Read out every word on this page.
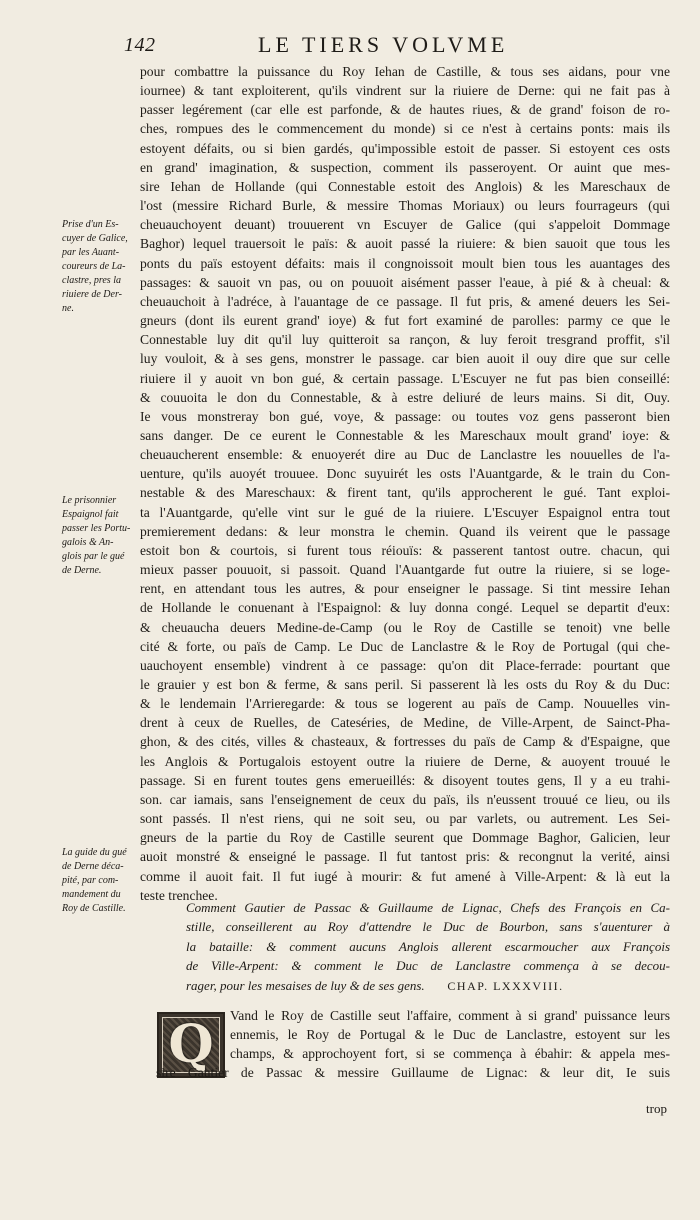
142	LE TIERS VOLVME
Prise d'un Es-
cuyer de Galice,
par les Auant-
coureurs de La-
clastre, pres la
riuiere de Der-
ne.
Le prisonnier
Espaignol fait
passer les Portu-
galois & An-
glois par le gué
de Derne.
La guide du gué
de Derne déca-
pité, par com-
mandement du
Roy de Castille.
pour combattre la puissance du Roy Iehan de Castille, & tous ses aidans, pour vne
iournee) & tant exploiterent, qu'ils vindrent sur la riuiere de Derne: qui ne fait pas à
passer legérement (car elle est parfonde, & de hautes riues, & de grand' foison de ro-
ches, rompues des le commencement du monde) si ce n'est à certains ponts: mais ils
estoyent défaits, ou si bien gardés, qu'impossible estoit de passer. Si estoyent ces osts
en grand' imagination, & suspection, comment ils passeroyent. Or auint que mes-
sire Iehan de Hollande (qui Connestable estoit des Anglois) & les Mareschaux de
l'ost (messire Richard Burle, & messire Thomas Moriaux) ou leurs fourrageurs (qui
cheuauchoyent deuant) trouuerent vn Escuyer de Galice (qui s'appeloit Dommage
Baghor) lequel trauersoit le païs: & auoit passé la riuiere: & bien sauoit que tous les
ponts du païs estoyent défaits: mais il congnoissoit moult bien tous les auantages des
passages: & sauoit vn pas, ou on pouuoit aisément passer l'eaue, à pié & à cheual: &
cheuauchoit à l'adréce, à l'auantage de ce passage. Il fut pris, & amené deuers les Sei-
gneurs (dont ils eurent grand' ioye) & fut fort examiné de parolles: parmy ce que le
Connestable luy dit qu'il luy quitteroit sa rançon, & luy feroit tresgrand proffit, s'il
luy vouloit, & à ses gens, monstrer le passage. car bien auoit il ouy dire que sur celle
riuiere il y auoit vn bon gué, & certain passage. L'Escuyer ne fut pas bien conseillé:
& couuoita le don du Connestable, & à estre deliuré de leurs mains. Si dit, Ouy.
Ie vous monstreray bon gué, voye, & passage: ou toutes voz gens passeront bien
sans danger. De ce eurent le Connestable & les Mareschaux moult grand' ioye: &
cheuaucherent ensemble: & enuoyerét dire au Duc de Lanclastre les nouuelles de l'a-
uenture, qu'ils auoyét trouuee. Donc suyuirét les osts l'Auantgarde, & le train du Con-
nestable & des Mareschaux: & firent tant, qu'ils approcherent le gué. Tant exploi-
ta l'Auantgarde, qu'elle vint sur le gué de la riuiere. L'Escuyer Espaignol entra tout
premierement dedans: & leur monstra le chemin. Quand ils veirent que le passage
estoit bon & courtois, si furent tous réiouïs: & passerent tantost outre. chacun, qui
mieux passer pouuoit, si passoit. Quand l'Auantgarde fut outre la riuiere, si se loge-
rent, en attendant tous les autres, & pour enseigner le passage. Si tint messire Iehan
de Hollande le conuenant à l'Espaignol: & luy donna congé. Lequel se departit d'eux:
& cheuaucha deuers Medine-de-Camp (ou le Roy de Castille se tenoit) vne belle
cité & forte, ou païs de Camp. Le Duc de Lanclastre & le Roy de Portugal (qui che-
uauchoyent ensemble) vindrent à ce passage: qu'on dit Place-ferrade: pourtant que
le grauier y est bon & ferme, & sans peril. Si passerent là les osts du Roy & du Duc:
& le lendemain l'Arrieregarde: & tous se logerent au païs de Camp. Nouuelles vin-
drent à ceux de Ruelles, de Cateséries, de Medine, de Ville-Arpent, de Sainct-Pha-
ghon, & des cités, villes & chasteaux, & fortresses du païs de Camp & d'Espaigne, que
les Anglois & Portugalois estoyent outre la riuiere de Derne, & auoyent trouué le
passage. Si en furent toutes gens emerueillés: & disoyent toutes gens, Il y a eu trahi-
son. car iamais, sans l'enseignement de ceux du païs, ils n'eussent trouué ce lieu, ou ils
sont passés. Il n'est riens, qui ne soit seu, ou par varlets, ou autrement. Les Sei-
gneurs de la partie du Roy de Castille seurent que Dommage Baghor, Galicien, leur
auoit monstré & enseigné le passage. Il fut tantost pris: & recongnut la verité, ainsi
comme il auoit fait. Il fut iugé à mourir: & fut amené à Ville-Arpent: & là eut la
teste trenchee.
Comment Gautier de Passac & Guillaume de Lignac, Chefs des François en Ca-
stille, conseillerent au Roy d'attendre le Duc de Bourbon, sans s'auenturer à
la bataille: & comment aucuns Anglois allerent escarmoucher aux François
de Ville-Arpent: & comment le Duc de Lanclastre commença à se decou-
rager, pour les mesaises de luy & de ses gens. CHAP. LXXXVIII.
Q Vand le Roy de Castille seut l'affaire, comment à si grand' puissance leurs
ennemis, le Roy de Portugal & le Duc de Lanclastre, estoyent sur les
champs, & approchoyent fort, si se commença à ébahir: & appela mes-
sire Gautier de Passac & messire Guillaume de Lignac: & leur dit, Ie suis
trop
